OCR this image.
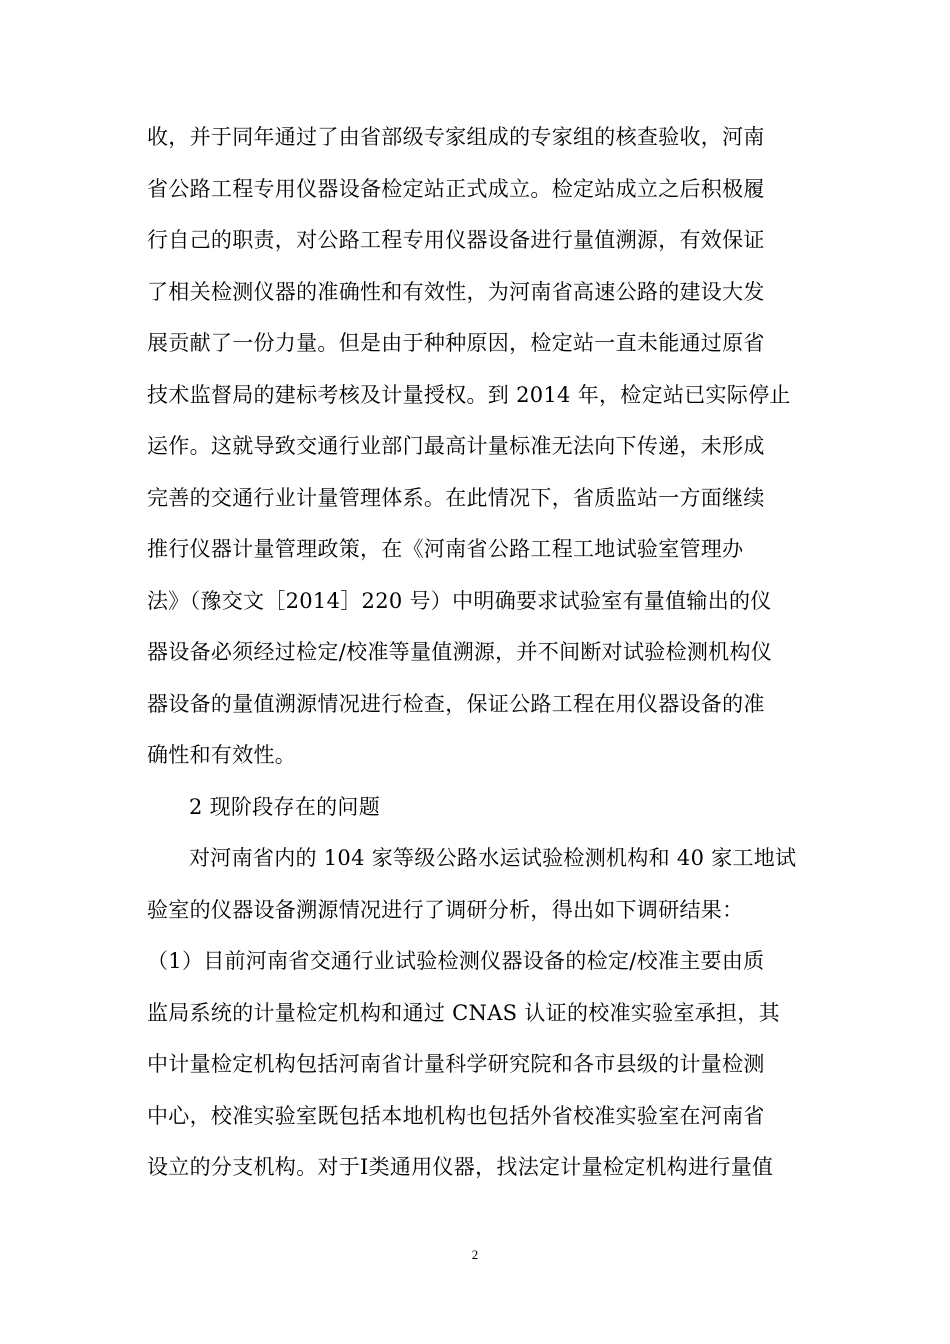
收，并于同年通过了由省部级专家组成的专家组的核查验收，河南
省公路工程专用仪器设备检定站正式成立。检定站成立之后积极履
行自己的职责，对公路工程专用仪器设备进行量值溯源，有效保证
了相关检测仪器的准确性和有效性，为河南省高速公路的建设大发
展贡献了一份力量。但是由于种种原因，检定站一直未能通过原省
技术监督局的建标考核及计量授权。到 2014 年，检定站已实际停止
运作。这就导致交通行业部门最高计量标准无法向下传递，未形成
完善的交通行业计量管理体系。在此情况下，省质监站一方面继续
推行仪器计量管理政策，在《河南省公路工程工地试验室管理办
法》（豫交文［2014］220 号）中明确要求试验室有量值输出的仪
器设备必须经过检定/校准等量值溯源，并不间断对试验检测机构仪
器设备的量值溯源情况进行检查，保证公路工程在用仪器设备的准
确性和有效性。
2 现阶段存在的问题
对河南省内的 104 家等级公路水运试验检测机构和 40 家工地试
验室的仪器设备溯源情况进行了调研分析，得出如下调研结果：
（1）目前河南省交通行业试验检测仪器设备的检定/校准主要由质
监局系统的计量检定机构和通过 CNAS 认证的校准实验室承担，其
中计量检定机构包括河南省计量科学研究院和各市县级的计量检测
中心，校准实验室既包括本地机构也包括外省校准实验室在河南省
设立的分支机构。对于I类通用仪器，找法定计量检定机构进行量值
2
